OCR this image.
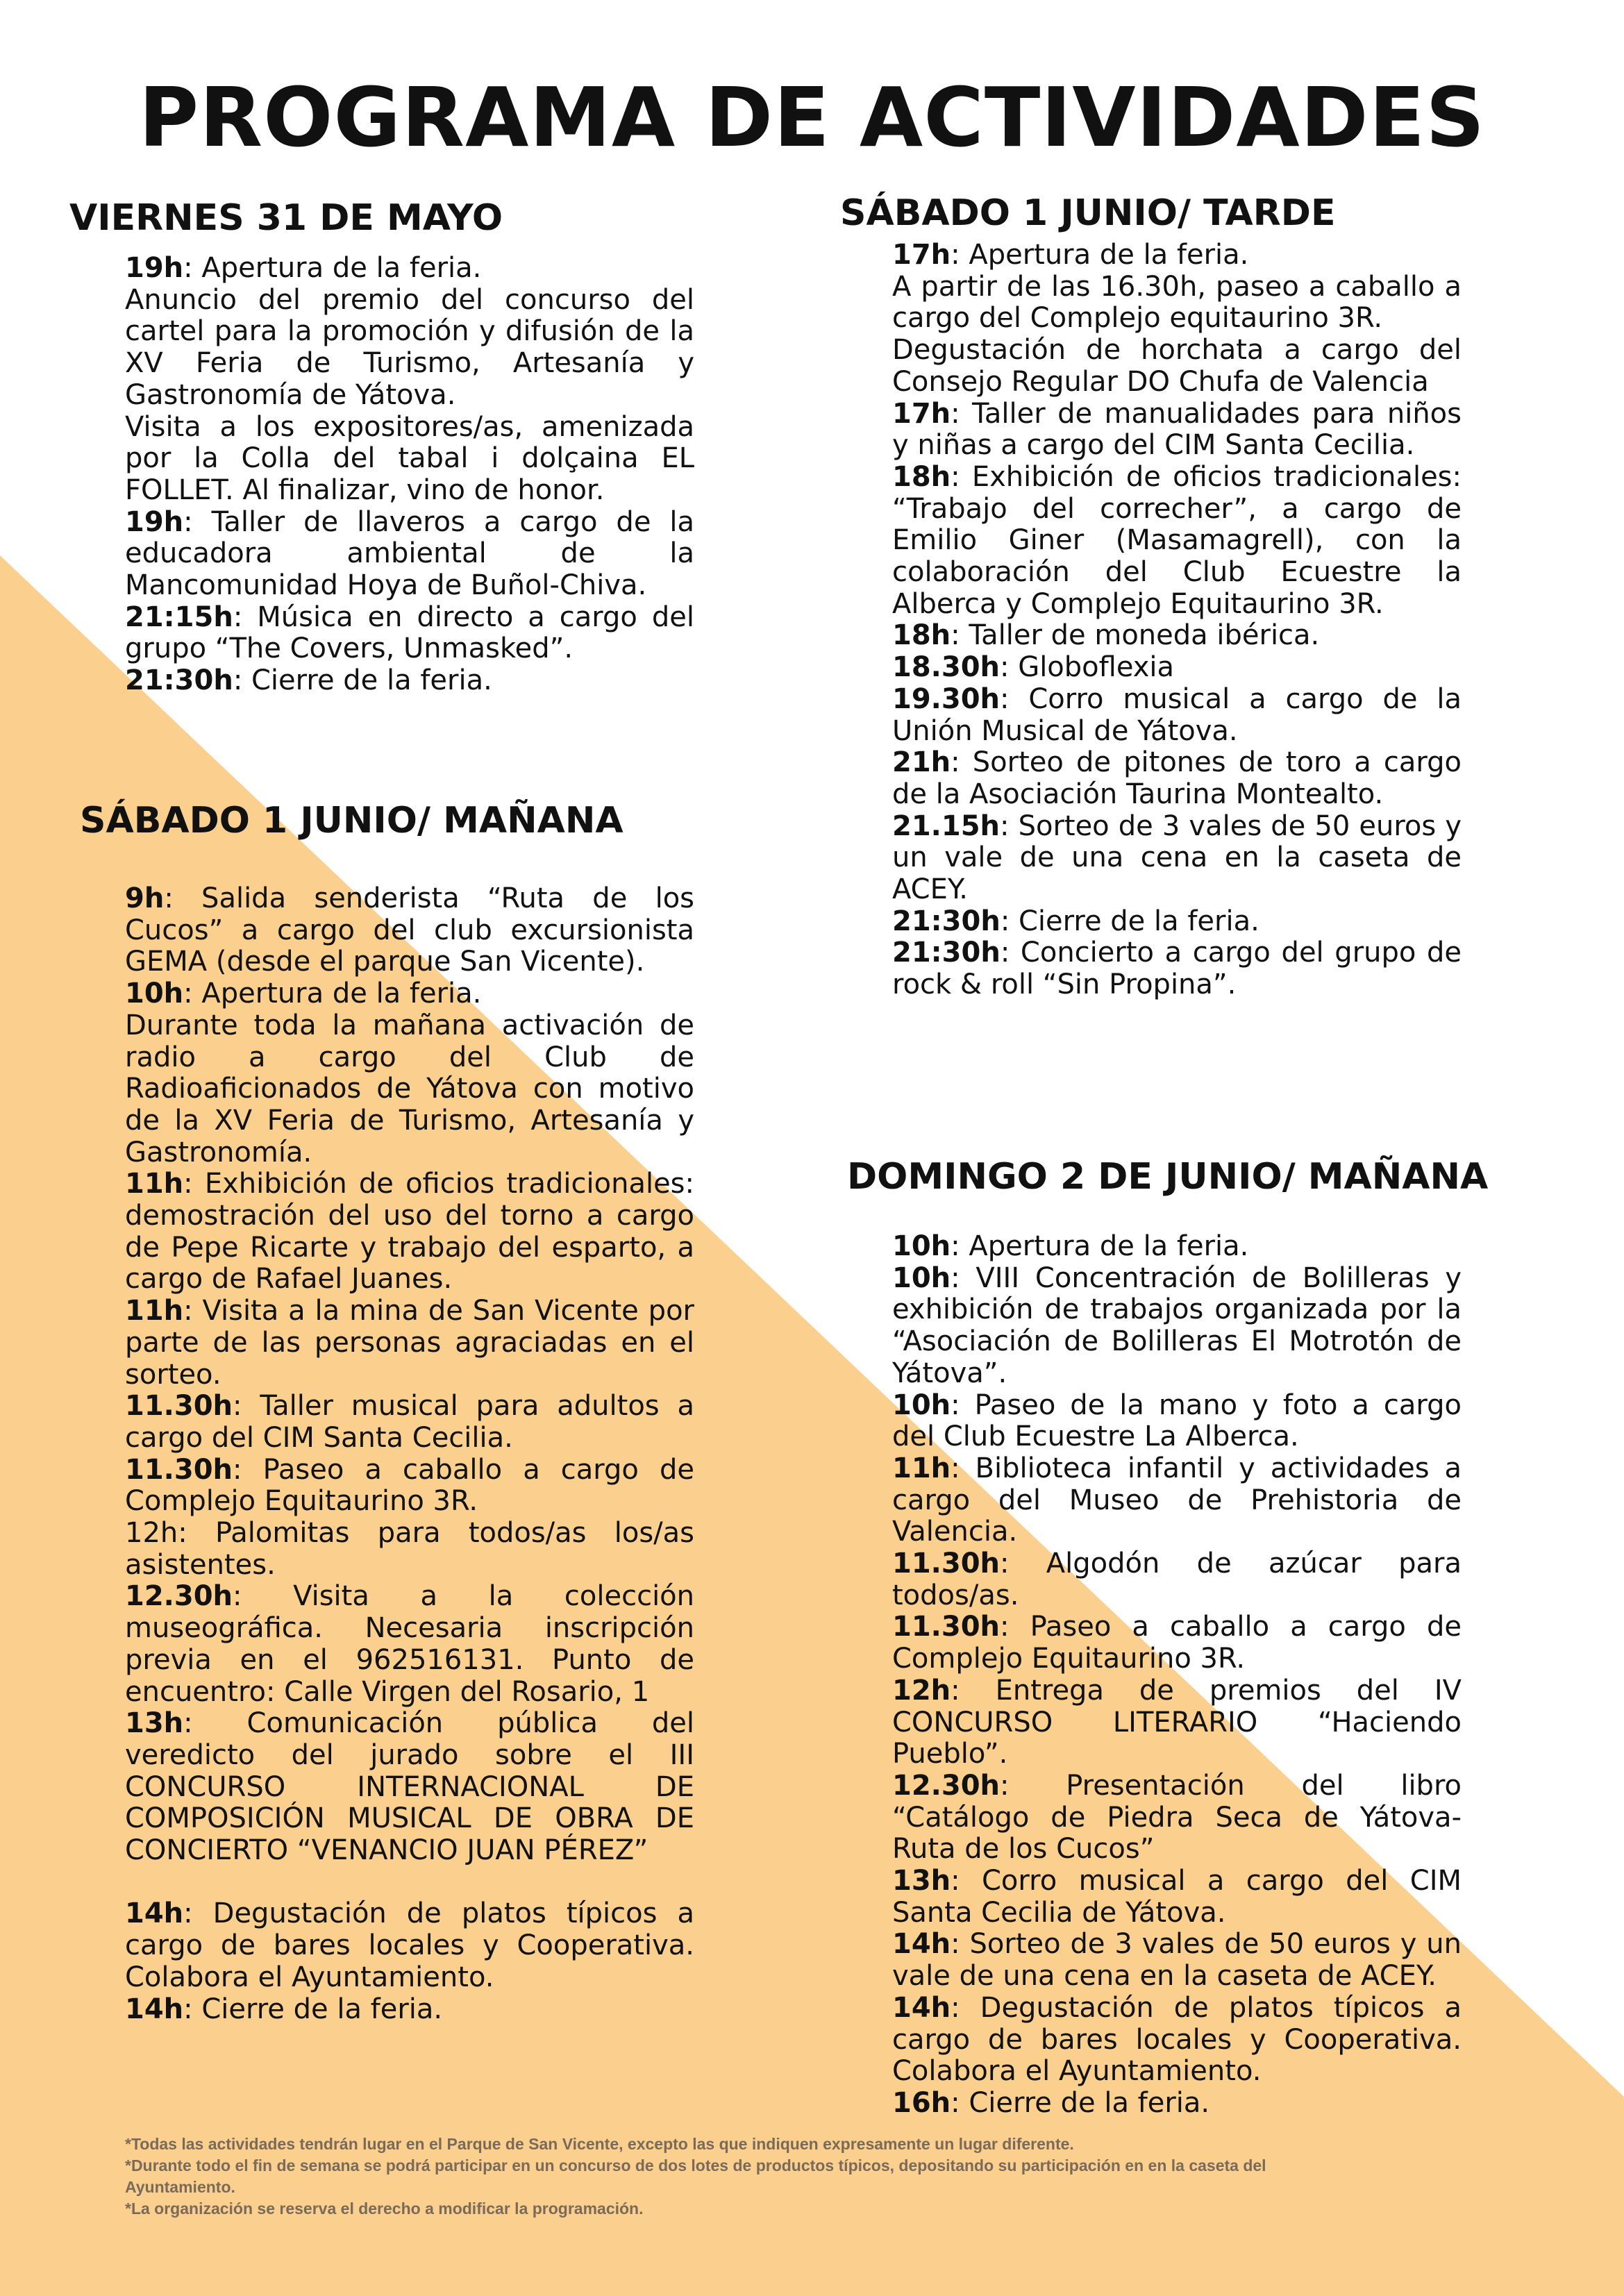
PROGRAMA DE ACTIVIDADES
VIERNES 31 DE MAYO

19h: Apertura de la feria.

Anuncio del premio del concurso del cartel para la promoción y difusión de la XV Feria de Turismo, Artesanía y Gastronomía de Yátova.

Visita a los expositores/as, amenizada por la Colla del tabal i dolçaina EL FOLLET. Al finalizar, vino de honor.

19h: Taller de llaveros a cargo de la educadora ambiental de la Mancomunidad Hoya de Buñol-Chiva.

21:15h: Música en directo a cargo del grupo “The Covers, Unmasked”.

21:30h: Cierre de la feria.

SÁBADO 1 JUNIO/ MAÑANA

9h: Salida senderista “Ruta de los Cucos” a cargo del club excursionista GEMA (desde el parque San Vicente).

10h: Apertura de la feria.

Durante toda la mañana activación de radio a cargo del Club de Radioaficionados de Yátova con motivo de la XV Feria de Turismo, Artesanía y Gastronomía.

11h: Exhibición de oficios tradicionales: demostración del uso del torno a cargo de Pepe Ricarte y trabajo del esparto, a cargo de Rafael Juanes.

11h: Visita a la mina de San Vicente por parte de las personas agraciadas en el sorteo.

11.30h: Taller musical para adultos a cargo del CIM Santa Cecilia.

11.30h: Paseo a caballo a cargo de Complejo Equitaurino 3R.

12h: Palomitas para todos/as los/as asistentes.

12.30h: Visita a la colección museográfica. Necesaria inscripción previa en el 962516131. Punto de encuentro: Calle Virgen del Rosario, 1

13h: Comunicación pública del veredicto del jurado sobre el III CONCURSO INTERNACIONAL DE COMPOSICIÓN MUSICAL DE OBRA DE CONCIERTO “VENANCIO JUAN PÉREZ”

14h: Degustación de platos típicos a cargo de bares locales y Cooperativa. Colabora el Ayuntamiento.

14h: Cierre de la feria.

SÁBADO 1 JUNIO/ TARDE

17h: Apertura de la feria.

A partir de las 16.30h, paseo a caballo a cargo del Complejo equitaurino 3R.

Degustación de horchata a cargo del Consejo Regular DO Chufa de Valencia

17h: Taller de manualidades para niños y niñas a cargo del CIM Santa Cecilia.

18h: Exhibición de oficios tradicionales: “Trabajo del correcher”, a cargo de Emilio Giner (Masamagrell), con la colaboración del Club Ecuestre la Alberca y Complejo Equitaurino 3R.

18h: Taller de moneda ibérica.

18.30h: Globoflexia

19.30h: Corro musical a cargo de la Unión Musical de Yátova.

21h: Sorteo de pitones de toro a cargo de la Asociación Taurina Montealto.

21.15h: Sorteo de 3 vales de 50 euros y un vale de una cena en la caseta de ACEY.

21:30h: Cierre de la feria.

21:30h: Concierto a cargo del grupo de rock & roll “Sin Propina”.

DOMINGO 2 DE JUNIO/ MAÑANA

10h: Apertura de la feria.

10h: VIII Concentración de Bolilleras y exhibición de trabajos organizada por la “Asociación de Bolilleras El Motrotón de Yátova”.

10h: Paseo de la mano y foto a cargo del Club Ecuestre La Alberca.

11h: Biblioteca infantil y actividades a cargo del Museo de Prehistoria de Valencia.

11.30h: Algodón de azúcar para todos/as.

11.30h: Paseo a caballo a cargo de Complejo Equitaurino 3R.

12h: Entrega de premios del IV CONCURSO LITERARIO “Haciendo Pueblo”.

12.30h: Presentación del libro “Catálogo de Piedra Seca de Yátova-Ruta de los Cucos”

13h: Corro musical a cargo del CIM Santa Cecilia de Yátova.

14h: Sorteo de 3 vales de 50 euros y un vale de una cena en la caseta de ACEY.

14h: Degustación de platos típicos a cargo de bares locales y Cooperativa. Colabora el Ayuntamiento.

16h: Cierre de la feria.

*Todas las actividades tendrán lugar en el Parque de San Vicente, excepto las que indiquen expresamente un lugar diferente.

*Durante todo el fin de semana se podrá participar en un concurso de dos lotes de productos típicos, depositando su participación en en la caseta del Ayuntamiento.

*La organización se reserva el derecho a modificar la programación.
